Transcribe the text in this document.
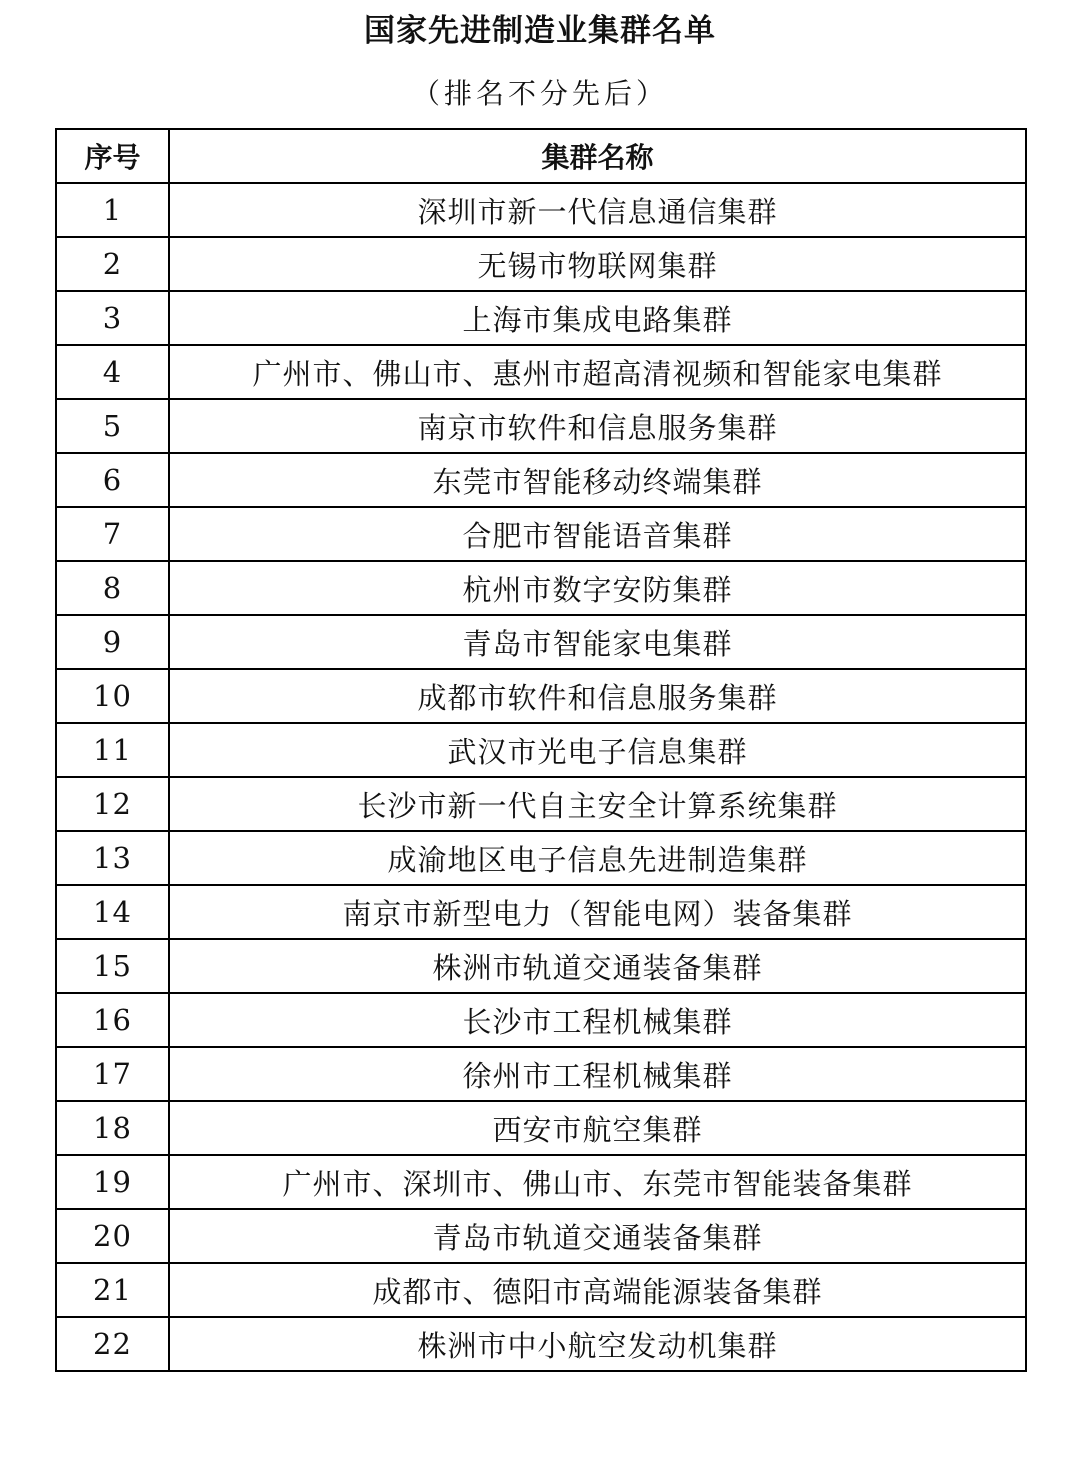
国家先进制造业集群名单
（排名不分先后）
序号	集群名称
1	深圳市新一代信息通信集群
2	无锡市物联网集群
3	上海市集成电路集群
4	广州市、佛山市、惠州市超高清视频和智能家电集群
5	南京市软件和信息服务集群
6	东莞市智能移动终端集群
7	合肥市智能语音集群
8	杭州市数字安防集群
9	青岛市智能家电集群
10	成都市软件和信息服务集群
11	武汉市光电子信息集群
12	长沙市新一代自主安全计算系统集群
13	成渝地区电子信息先进制造集群
14	南京市新型电力（智能电网）装备集群
15	株洲市轨道交通装备集群
16	长沙市工程机械集群
17	徐州市工程机械集群
18	西安市航空集群
19	广州市、深圳市、佛山市、东莞市智能装备集群
20	青岛市轨道交通装备集群
21	成都市、德阳市高端能源装备集群
22	株洲市中小航空发动机集群
